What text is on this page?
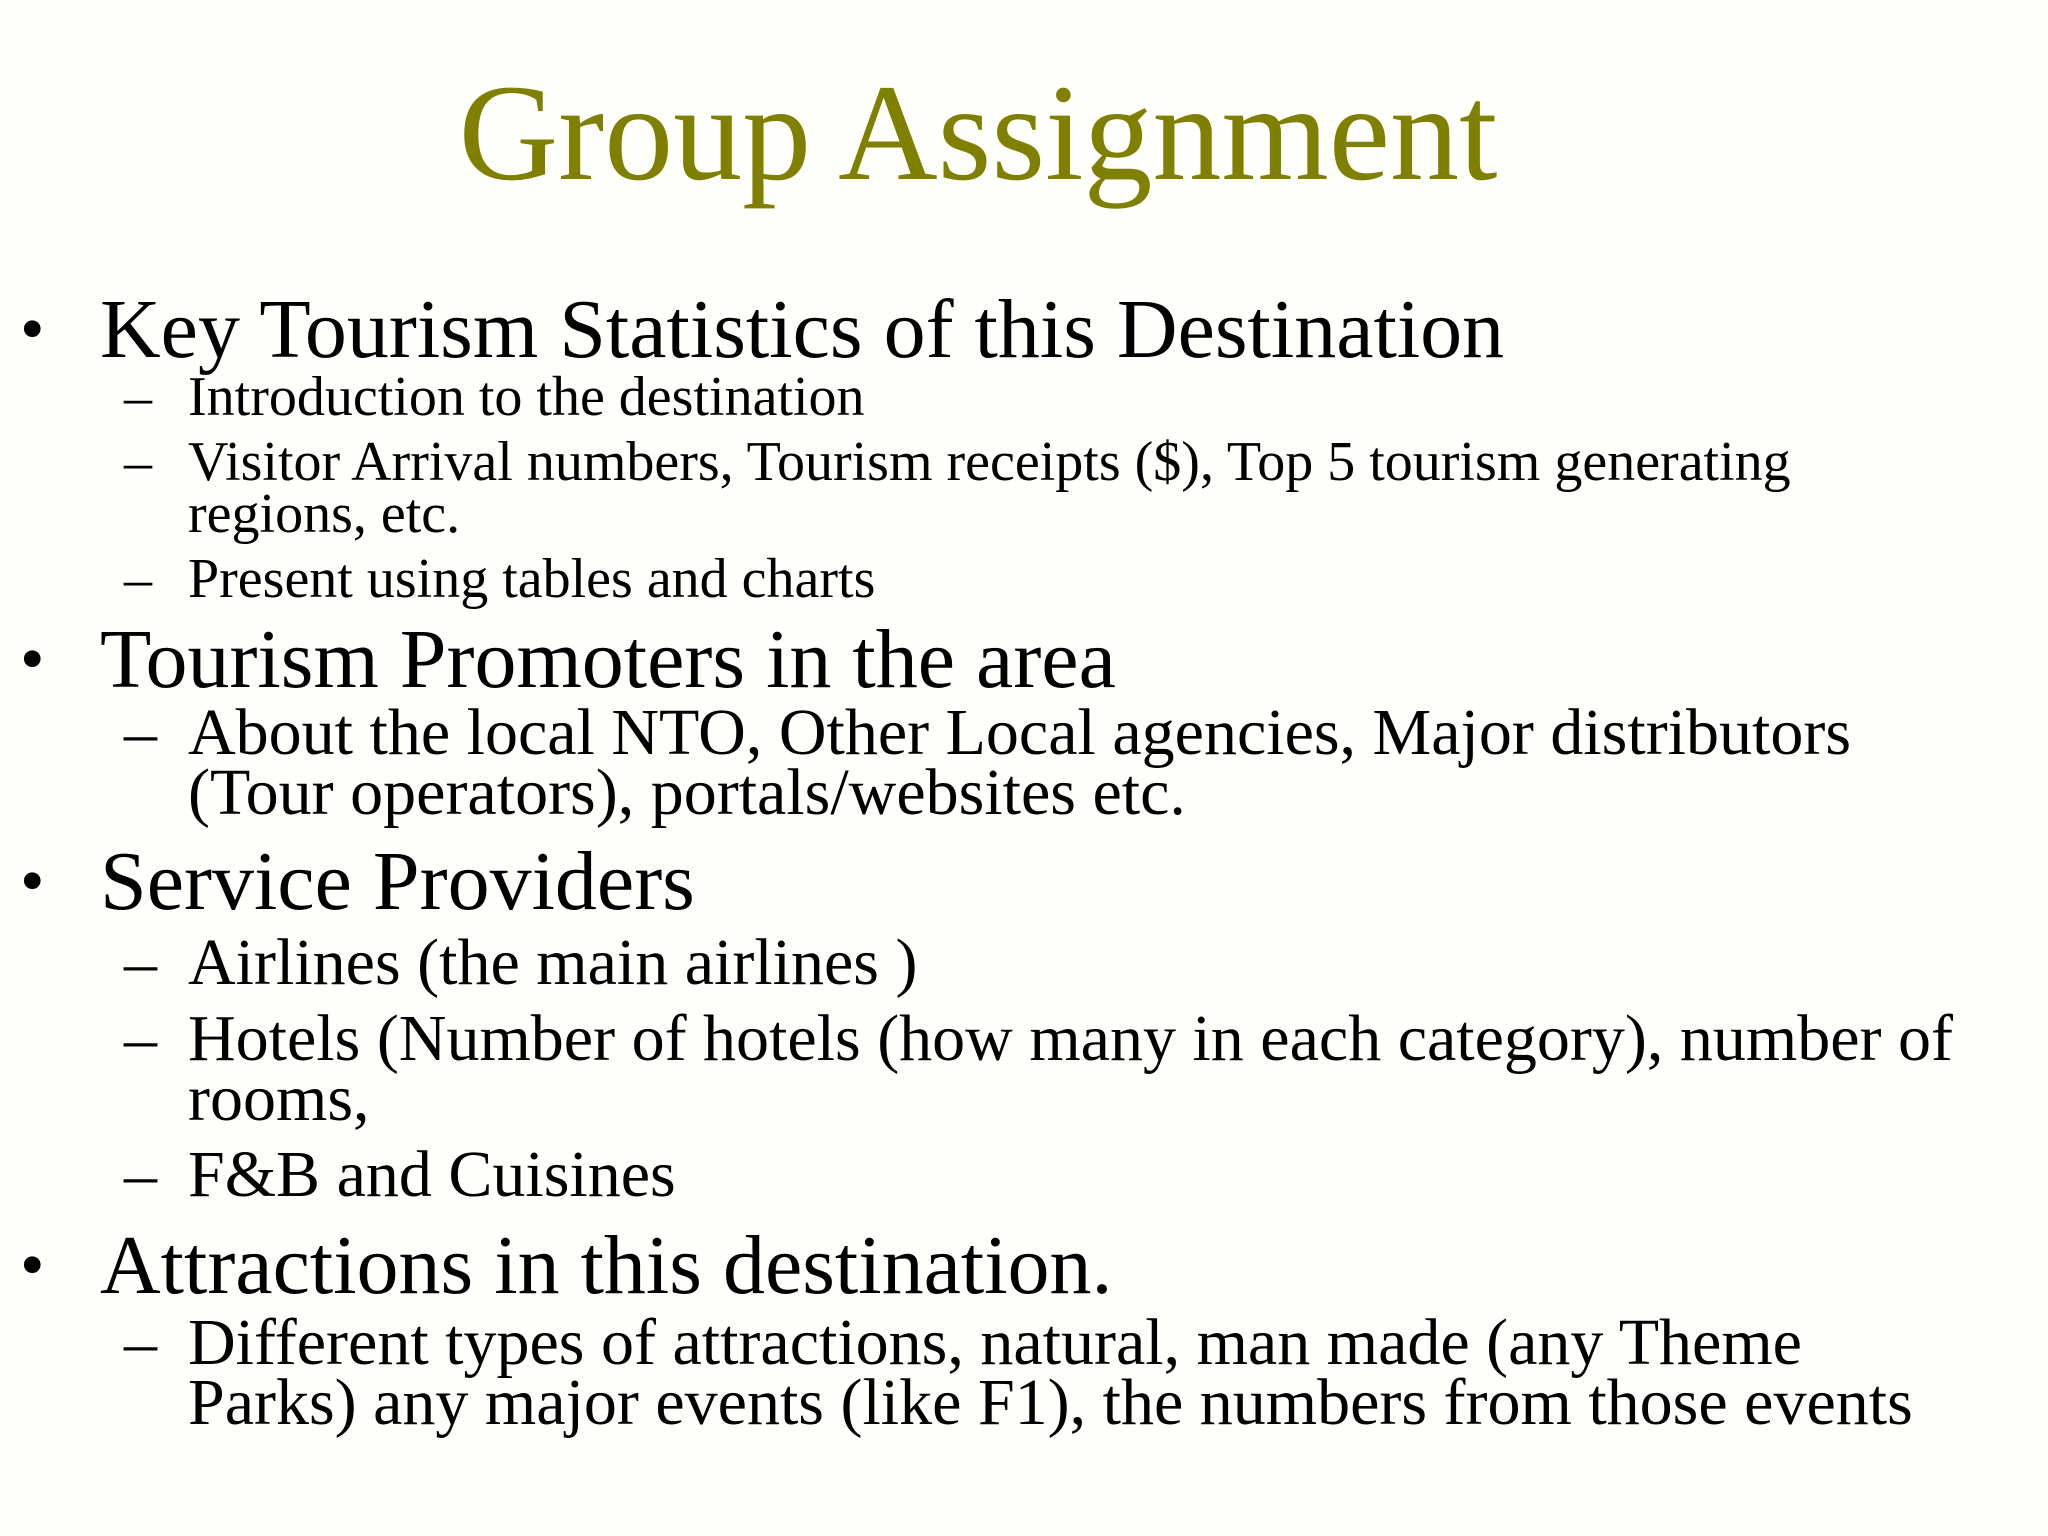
Group Assignment
• Key Tourism Statistics of this Destination
– Introduction to the destination
– Visitor Arrival numbers, Tourism receipts ($), Top 5 tourism generating
regions, etc.
– Present using tables and charts
• Tourism Promoters in the area
– About the local NTO, Other Local agencies, Major distributors
(Tour operators), portals/websites etc.
• Service Providers
– Airlines (the main airlines )
– Hotels (Number of hotels (how many in each category), number of
rooms,
– F&B and Cuisines
• Attractions in this destination.
– Different types of attractions, natural, man made (any Theme
Parks) any major events (like F1), the numbers from those events
